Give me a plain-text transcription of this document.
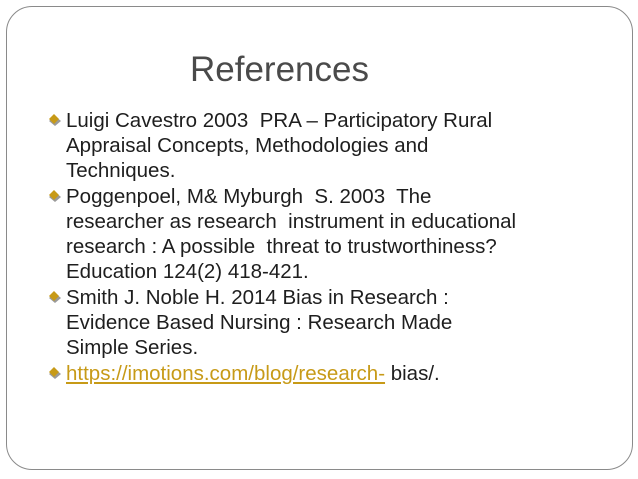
References
Luigi Cavestro 2003  PRA – Participatory Rural
Appraisal Concepts, Methodologies and
Techniques.
Poggenpoel, M& Myburgh  S. 2003  The
researcher as research  instrument in educational
research : A possible  threat to trustworthiness?
Education 124(2) 418-421.
Smith J. Noble H. 2014 Bias in Research :
Evidence Based Nursing : Research Made
Simple Series.
https://imotions.com/blog/research- bias/.
